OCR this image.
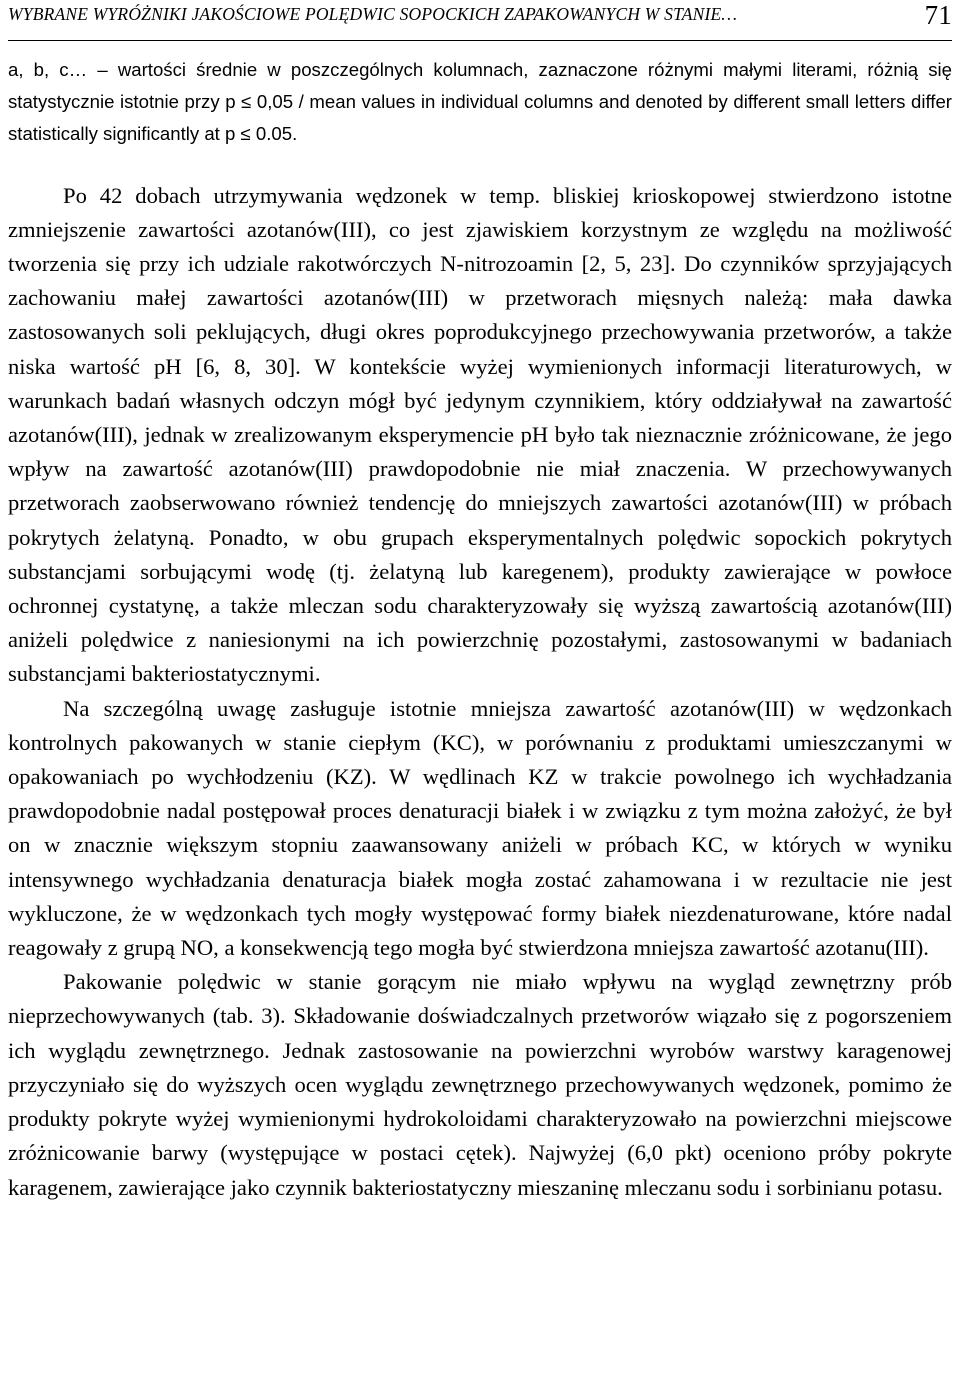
WYBRANE WYRÓŻNIKI JAKOŚCIOWE POLĘDWIC SOPOCKICH ZAPAKOWANYCH W STANIE…	71
a, b, c… – wartości średnie w poszczególnych kolumnach, zaznaczone różnymi małymi literami, różnią się statystycznie istotnie przy p ≤ 0,05 / mean values in individual columns and denoted by different small letters differ statistically significantly at p ≤ 0.05.

Po 42 dobach utrzymywania wędzonek w temp. bliskiej krioskopowej stwierdzono istotne zmniejszenie zawartości azotanów(III), co jest zjawiskiem korzystnym ze względu na możliwość tworzenia się przy ich udziale rakotwórczych N-nitrozoamin [2, 5, 23]. Do czynników sprzyjających zachowaniu małej zawartości azotanów(III) w przetworach mięsnych należą: mała dawka zastosowanych soli peklujących, długi okres poprodukcyjnego przechowywania przetworów, a także niska wartość pH [6, 8, 30]. W kontekście wyżej wymienionych informacji literaturowych, w warunkach badań własnych odczyn mógł być jedynym czynnikiem, który oddziaływał na zawartość azotanów(III), jednak w zrealizowanym eksperymencie pH było tak nieznacznie zróżnicowane, że jego wpływ na zawartość azotanów(III) prawdopodobnie nie miał znaczenia. W przechowywanych przetworach zaobserwowano również tendencję do mniejszych zawartości azotanów(III) w próbach pokrytych żelatyną. Ponadto, w obu grupach eksperymentalnych polędwic sopockich pokrytych substancjami sorbującymi wodę (tj. żelatyną lub karegenem), produkty zawierające w powłoce ochronnej cystatynę, a także mleczan sodu charakteryzowały się wyższą zawartością azotanów(III) aniżeli polędwice z naniesionymi na ich powierzchnię pozostałymi, zastosowanymi w badaniach substancjami bakteriostatycznymi.

Na szczególną uwagę zasługuje istotnie mniejsza zawartość azotanów(III) w wędzonkach kontrolnych pakowanych w stanie ciepłym (KC), w porównaniu z produktami umieszczanymi w opakowaniach po wychłodzeniu (KZ). W wędlinach KZ w trakcie powolnego ich wychładzania prawdopodobnie nadal postępował proces denaturacji białek i w związku z tym można założyć, że był on w znacznie większym stopniu zaawansowany aniżeli w próbach KC, w których w wyniku intensywnego wychładzania denaturacja białek mogła zostać zahamowana i w rezultacie nie jest wykluczone, że w wędzonkach tych mogły występować formy białek niezdenaturowane, które nadal reagowały z grupą NO, a konsekwencją tego mogła być stwierdzona mniejsza zawartość azotanu(III).

Pakowanie polędwic w stanie gorącym nie miało wpływu na wygląd zewnętrzny prób nieprzechowywanych (tab. 3). Składowanie doświadczalnych przetworów wiązało się z pogorszeniem ich wyglądu zewnętrznego. Jednak zastosowanie na powierzchni wyrobów warstwy karagenowej przyczyniało się do wyższych ocen wyglądu zewnętrznego przechowywanych wędzonek, pomimo że produkty pokryte wyżej wymienionymi hydrokoloidami charakteryzowało na powierzchni miejscowe zróżnicowanie barwy (występujące w postaci cętek). Najwyżej (6,0 pkt) oceniono próby pokryte karagenem, zawierające jako czynnik bakteriostatyczny mieszaninę mleczanu sodu i sorbinianu potasu.
